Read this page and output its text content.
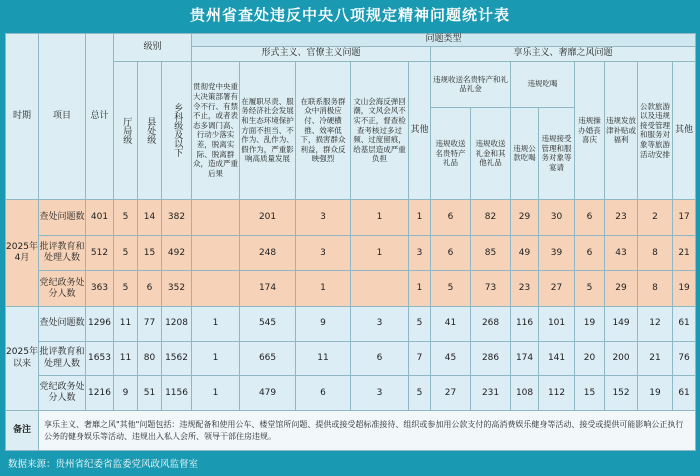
贵州省查处违反中央八项规定精神问题统计表
时期	项目	总计	级别			问题类型												
						形式主义、官僚主义问题					享乐主义、奢靡之风问题							

			厅局级	县处级	乡科级及以下	贯彻党中央重大决策部署有令不行、有禁不止，或者表态多调门高、行动少落实差，脱离实际、脱离群众，造成严重后果	在履职尽责、服务经济社会发展和生态环境保护方面不担当、不作为、乱作为、假作为，严重影响高质量发展	在联系服务群众中消极应付、冷硬横推、效率低下，损害群众利益，群众反映强烈	文山会海反弹回潮，文风会风不实不正，督查检查考核过多过频、过度留痕，给基层造成严重负担	其他	违规收送名贵特产和礼品礼金		违规吃喝		违规操办婚丧喜庆	违规发放津补贴或福利	公款旅游以及违规接受管理和服务对象等旅游活动安排	其他
											违规收送名贵特产礼品	违规收送礼金和其他礼品	违规公款吃喝	违规接受管理和服务对象等宴请				
2025年4月	查处问题数	401	5	14	382		201	3	1	1	6	82	29	30	6	23	2	17
	批评教育和处理人数	512	5	15	492		248	3	1	3	6	85	49	39	6	43	8	21
	党纪政务处分人数	363	5	6	352		174	1		1	5	73	23	27	5	29	8	19
2025年以来	查处问题数	1296	11	77	1208	1	545	9	3	5	41	268	116	101	19	149	12	61
	批评教育和处理人数	1653	11	80	1562	1	665	11	6	7	45	286	174	141	20	200	21	76
	党纪政务处分人数	1216	9	51	1156	1	479	6	3	5	27	231	108	112	15	152	19	61
备注	享乐主义、奢靡之风"其他"问题包括：违规配备和使用公车、楼堂馆所问题、提供或接受超标准接待、组织或参加用公款支付的高消费娱乐健身等活动、接受或提供可能影响公正执行公务的健身娱乐等活动、违规出入私人会所、领导干部住房违规。																	
数据来源：贵州省纪委省监委党风政风监督室
